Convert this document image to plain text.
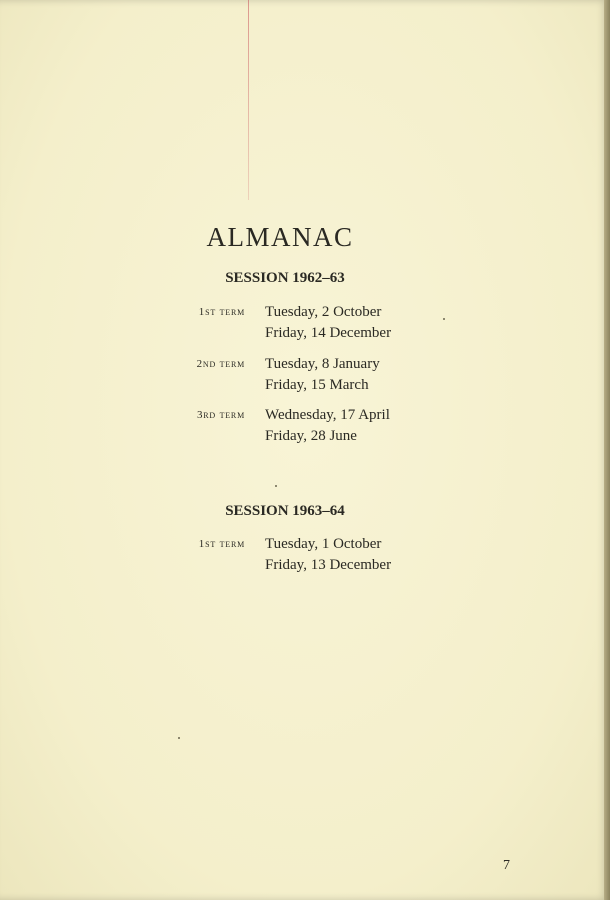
ALMANAC
SESSION 1962–63
1st term Tuesday, 2 October
Friday, 14 December
2nd term Tuesday, 8 January
Friday, 15 March
3rd term Wednesday, 17 April
Friday, 28 June
SESSION 1963–64
1st term Tuesday, 1 October
Friday, 13 December
7
